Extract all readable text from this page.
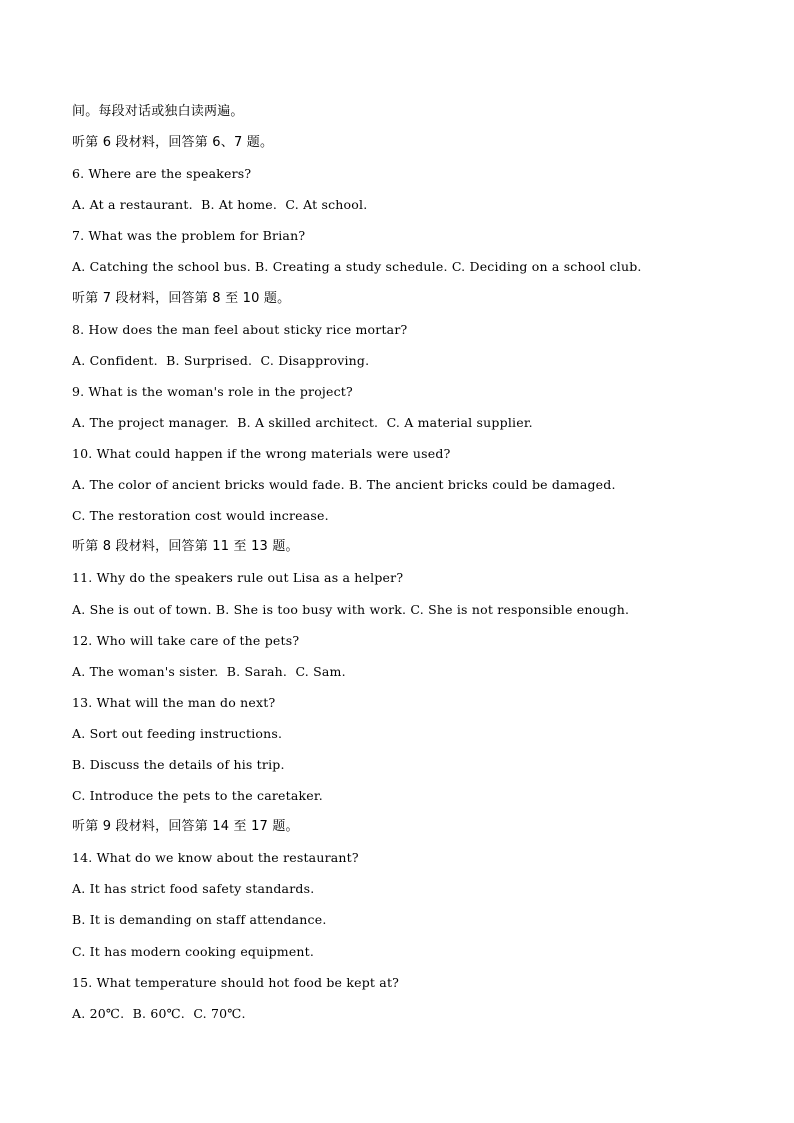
间。每段对话或独白读两遍。
听第 6 段材料，回答第 6、7 题。
6. Where are the speakers?
A. At a restaurant.  B. At home.  C. At school.
7. What was the problem for Brian?
A. Catching the school bus. B. Creating a study schedule. C. Deciding on a school club.
听第 7 段材料，回答第 8 至 10 题。
8. How does the man feel about sticky rice mortar?
A. Confident.  B. Surprised.  C. Disapproving.
9. What is the woman's role in the project?
A. The project manager.  B. A skilled architect.  C. A material supplier.
10. What could happen if the wrong materials were used?
A. The color of ancient bricks would fade. B. The ancient bricks could be damaged.
C. The restoration cost would increase.
听第 8 段材料，回答第 11 至 13 题。
11. Why do the speakers rule out Lisa as a helper?
A. She is out of town. B. She is too busy with work. C. She is not responsible enough.
12. Who will take care of the pets?
A. The woman's sister.  B. Sarah.  C. Sam.
13. What will the man do next?
A. Sort out feeding instructions.
B. Discuss the details of his trip.
C. Introduce the pets to the caretaker.
听第 9 段材料，回答第 14 至 17 题。
14. What do we know about the restaurant?
A. It has strict food safety standards.
B. It is demanding on staff attendance.
C. It has modern cooking equipment.
15. What temperature should hot food be kept at?
A. 20℃.  B. 60℃.  C. 70℃.
